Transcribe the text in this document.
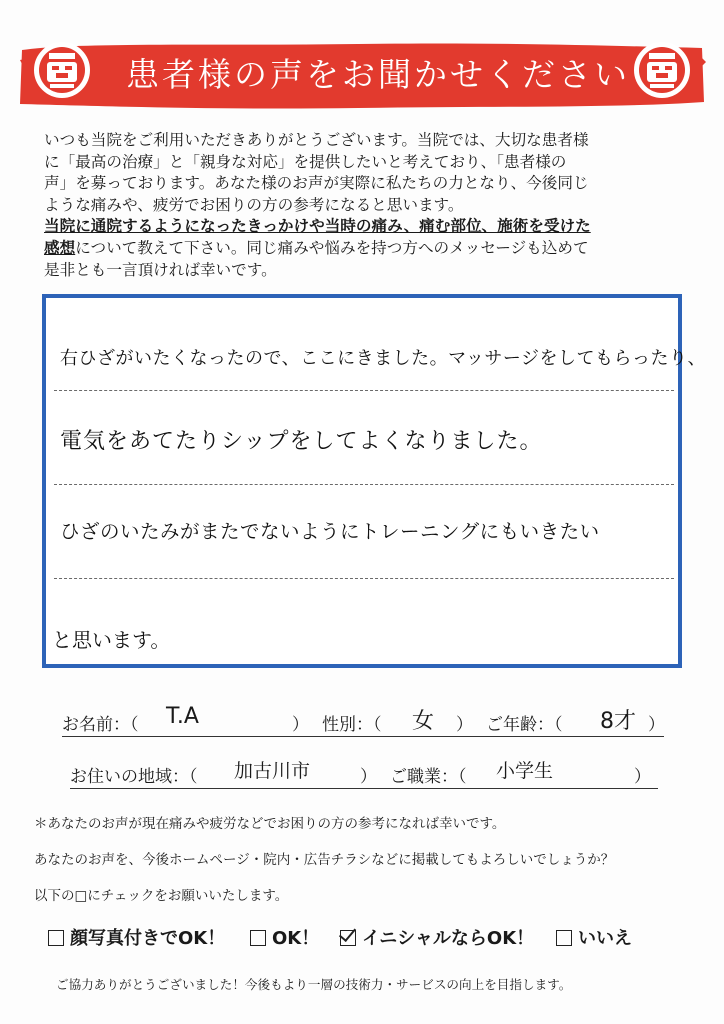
患者様の声をお聞かせください

いつも当院をご利用いただきありがとうございます。当院では、大切な患者様

に「最高の治療」と「親身な対応」を提供したいと考えており、「患者様の

声」を募っております。あなた様のお声が実際に私たちの力となり、今後同じ

ような痛みや、疲労でお困りの方の参考になると思います。

当院に通院するようになったきっかけや当時の痛み、痛む部位、施術を受けた

感想について教えて下さい。同じ痛みや悩みを持つ方へのメッセージも込めて

是非とも一言頂ければ幸いです。

右ひざがいたくなったので、ここにきました。マッサージをしてもらったり、
電気をあてたりシップをしてよくなりました。
ひざのいたみがまたでないようにトレーニングにもいきたい
と思います。
お名前：（ T.A	） 性別：（ 女 ） ご年齢：（ 8才 ）
お住いの地域：（ 加古川市	） ご職業：（ 小学生	）
＊あなたのお声が現在痛みや疲労などでお困りの方の参考になれば幸いです。
あなたのお声を、今後ホームページ・院内・広告チラシなどに掲載してもよろしいでしょうか？
以下の□にチェックをお願いいたします。
顔写真付きでOK！	OK！	イニシャルならOK！	いいえ
ご協力ありがとうございました！今後もより一層の技術力・サービスの向上を目指します。
